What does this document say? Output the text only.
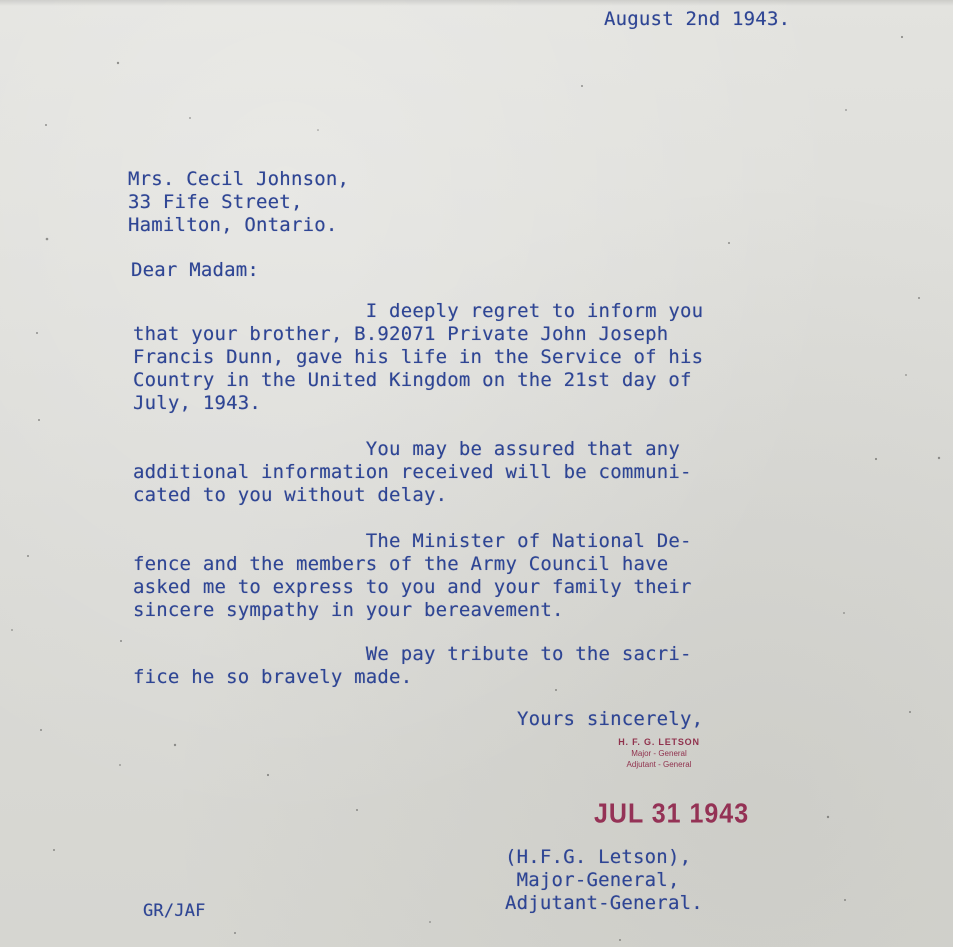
August 2nd 1943.

Mrs. Cecil Johnson,
33 Fife Street,
Hamilton, Ontario.

Dear Madam:

I deeply regret to inform you
that your brother, B.92071 Private John Joseph
Francis Dunn, gave his life in the Service of his
Country in the United Kingdom on the 21st day of
July, 1943.
You may be assured that any
additional information received will be communi-
cated to you without delay.
The Minister of National De-
fence and the members of the Army Council have
asked me to express to you and your family their
sincere sympathy in your bereavement.
We pay tribute to the sacri-
fice he so bravely made.

Yours sincerely,

H. F. G. LETSON
Major - General
Adjutant - General
JUL 31 1943
(H.F.G. Letson),
Major-General,
Adjutant-General.

GR/JAF
